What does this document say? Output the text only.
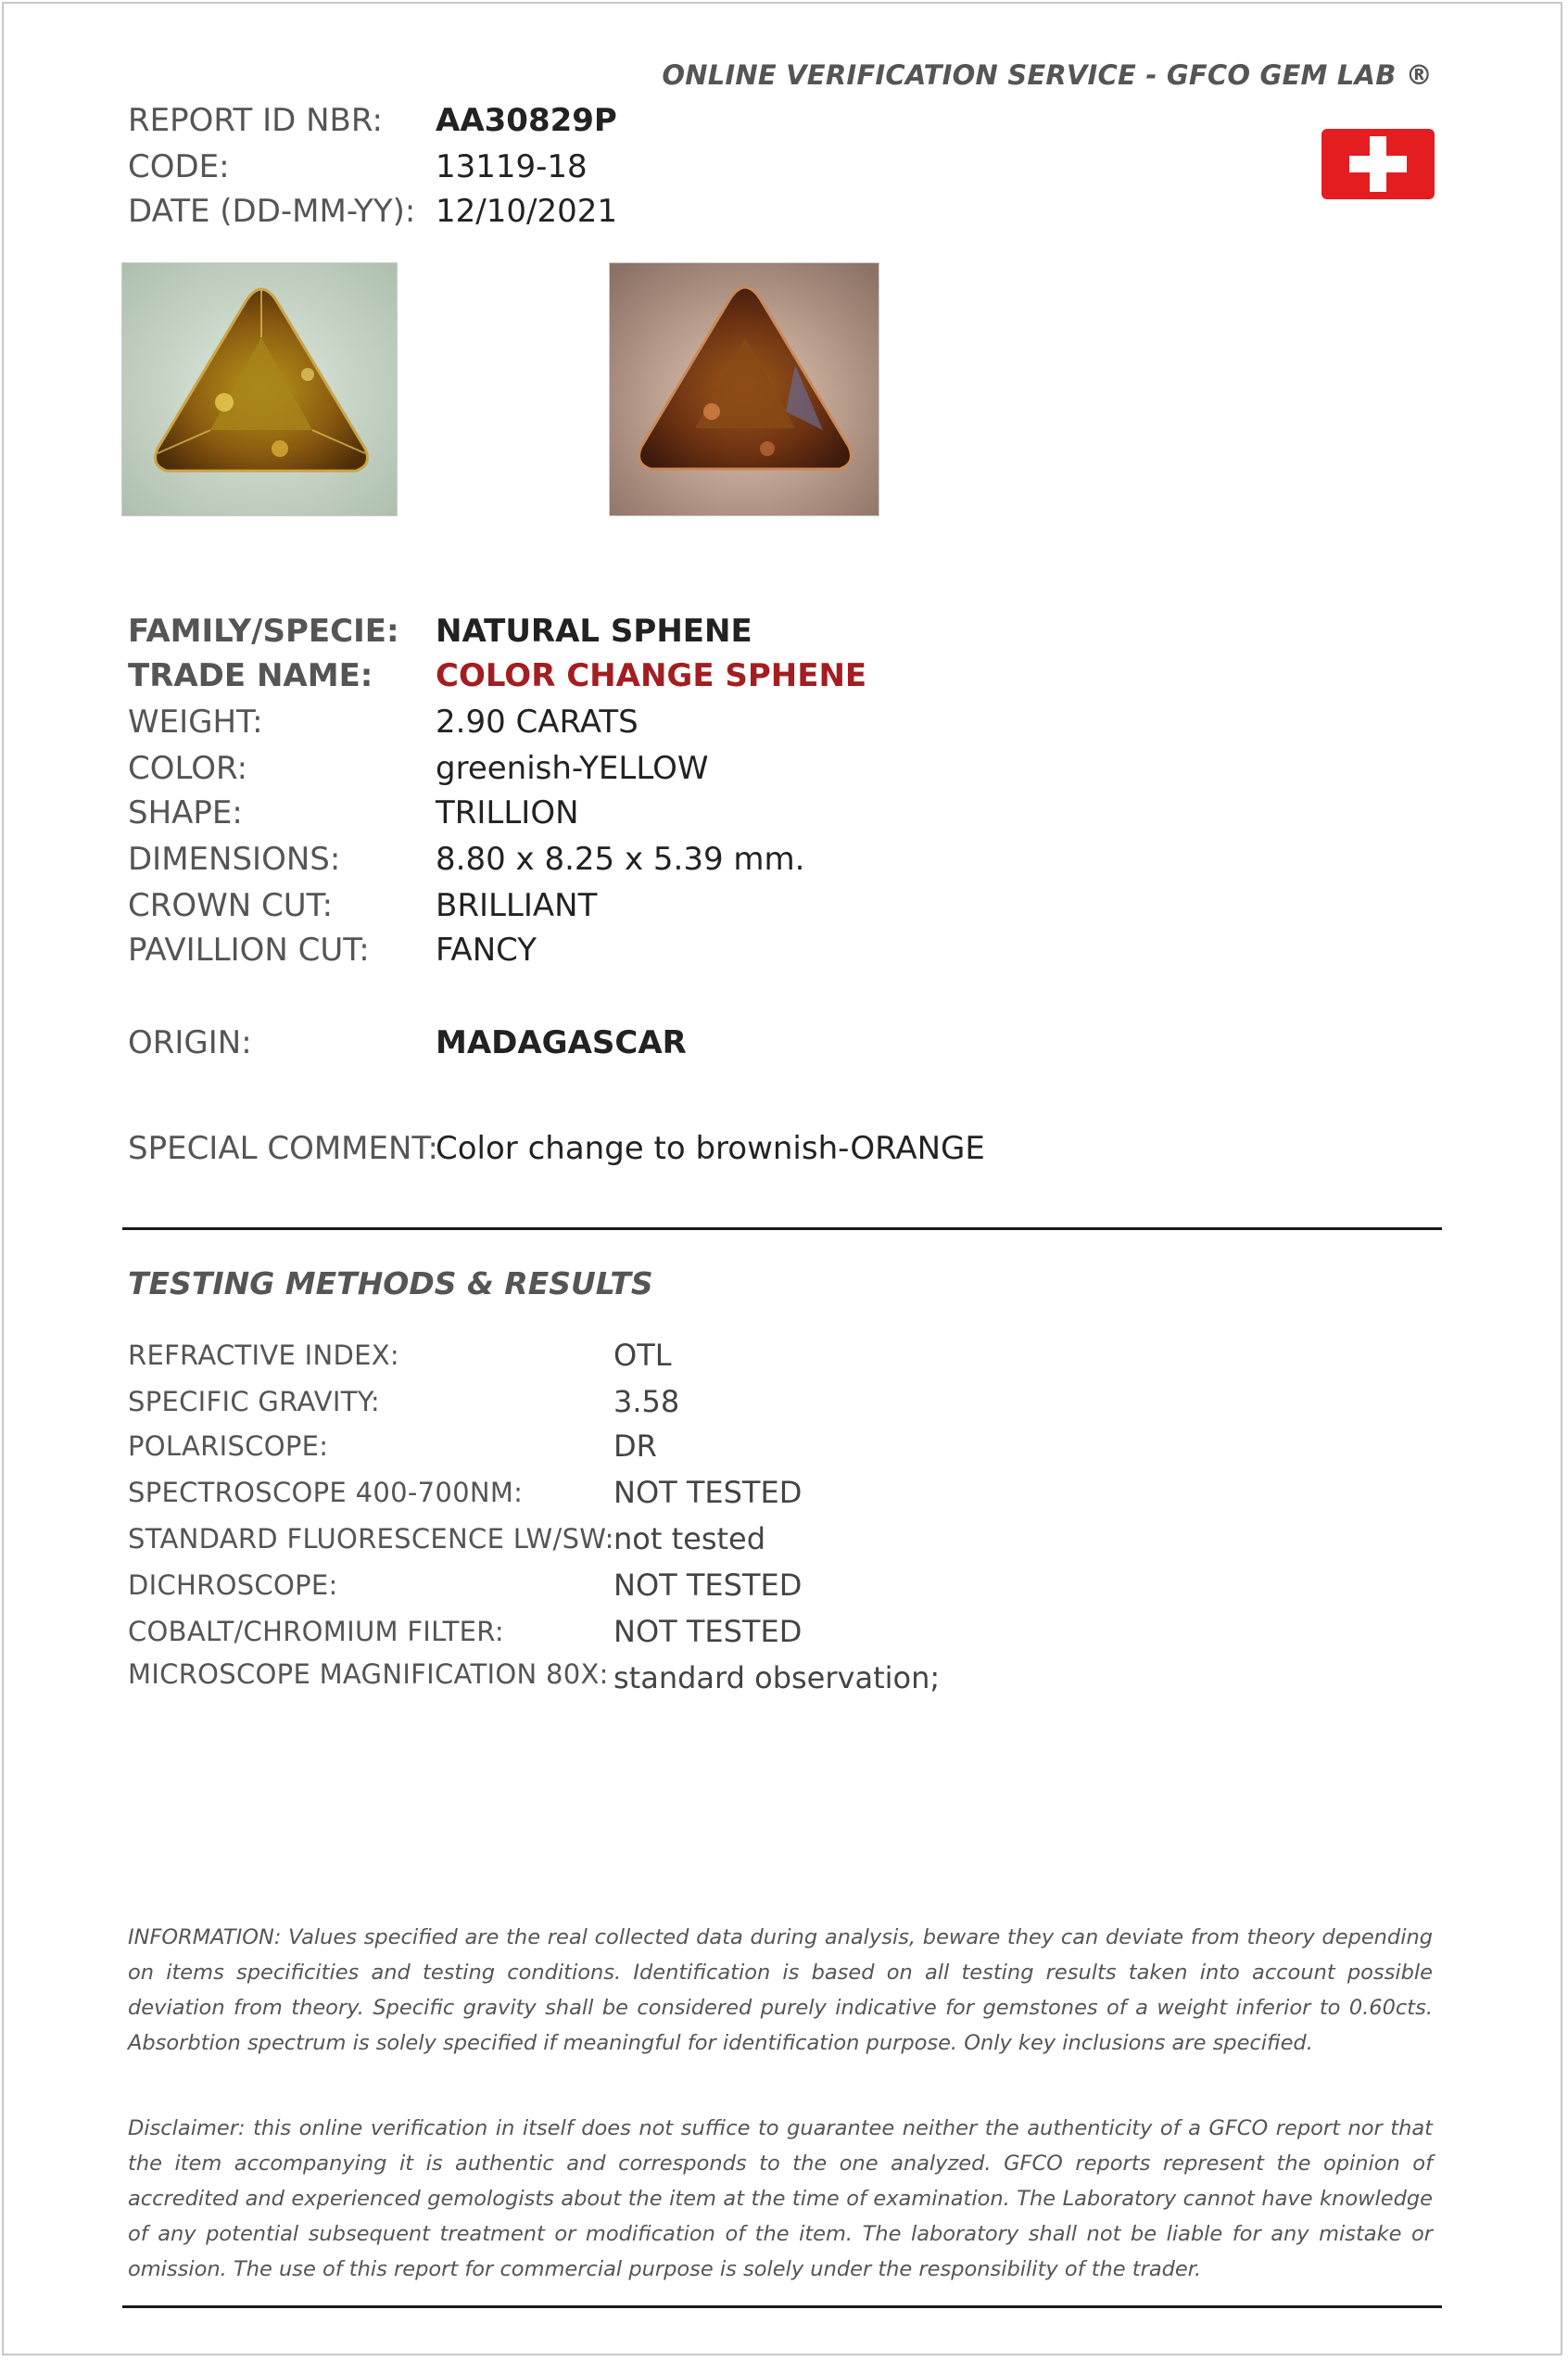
ONLINE VERIFICATION SERVICE - GFCO GEM LAB ®
REPORT ID NBR:	AA30829P
CODE:	13119-18
DATE (DD-MM-YY): 12/10/2021
FAMILY/SPECIE: NATURAL SPHENE
TRADE NAME: COLOR CHANGE SPHENE
WEIGHT:	2.90 CARATS
COLOR:	greenish-YELLOW
SHAPE:	TRILLION
DIMENSIONS:	8.80 x 8.25 x 5.39 mm.
CROWN CUT:	BRILLIANT
PAVILLION CUT: FANCY
ORIGIN:	MADAGASCAR
SPECIAL COMMENT:
Color change to brownish-ORANGE
TESTING METHODS & RESULTS
REFRACTIVE INDEX:	OTL
SPECIFIC GRAVITY:	3.58
POLARISCOPE:	DR
SPECTROSCOPE 400-700NM:	NOT TESTED
STANDARD FLUORESCENCE LW/SW: not tested
DICHROSCOPE:	NOT TESTED
COBALT/CHROMIUM FILTER:	NOT TESTED
MICROSCOPE MAGNIFICATION 80X: standard observation;
INFORMATION: Values specified are the real collected data during analysis, beware they can deviate from theory depending on items specificities and testing conditions. Identification is based on all testing results taken into account possible deviation from theory. Specific gravity shall be considered purely indicative for gemstones of a weight inferior to 0.60cts. Absorbtion spectrum is solely specified if meaningful for identification purpose. Only key inclusions are specified.
Disclaimer: this online verification in itself does not suffice to guarantee neither the authenticity of a GFCO report nor that the item accompanying it is authentic and corresponds to the one analyzed. GFCO reports represent the opinion of accredited and experienced gemologists about the item at the time of examination. The Laboratory cannot have knowledge of any potential subsequent treatment or modification of the item. The laboratory shall not be liable for any mistake or omission. The use of this report for commercial purpose is solely under the responsibility of the trader.
